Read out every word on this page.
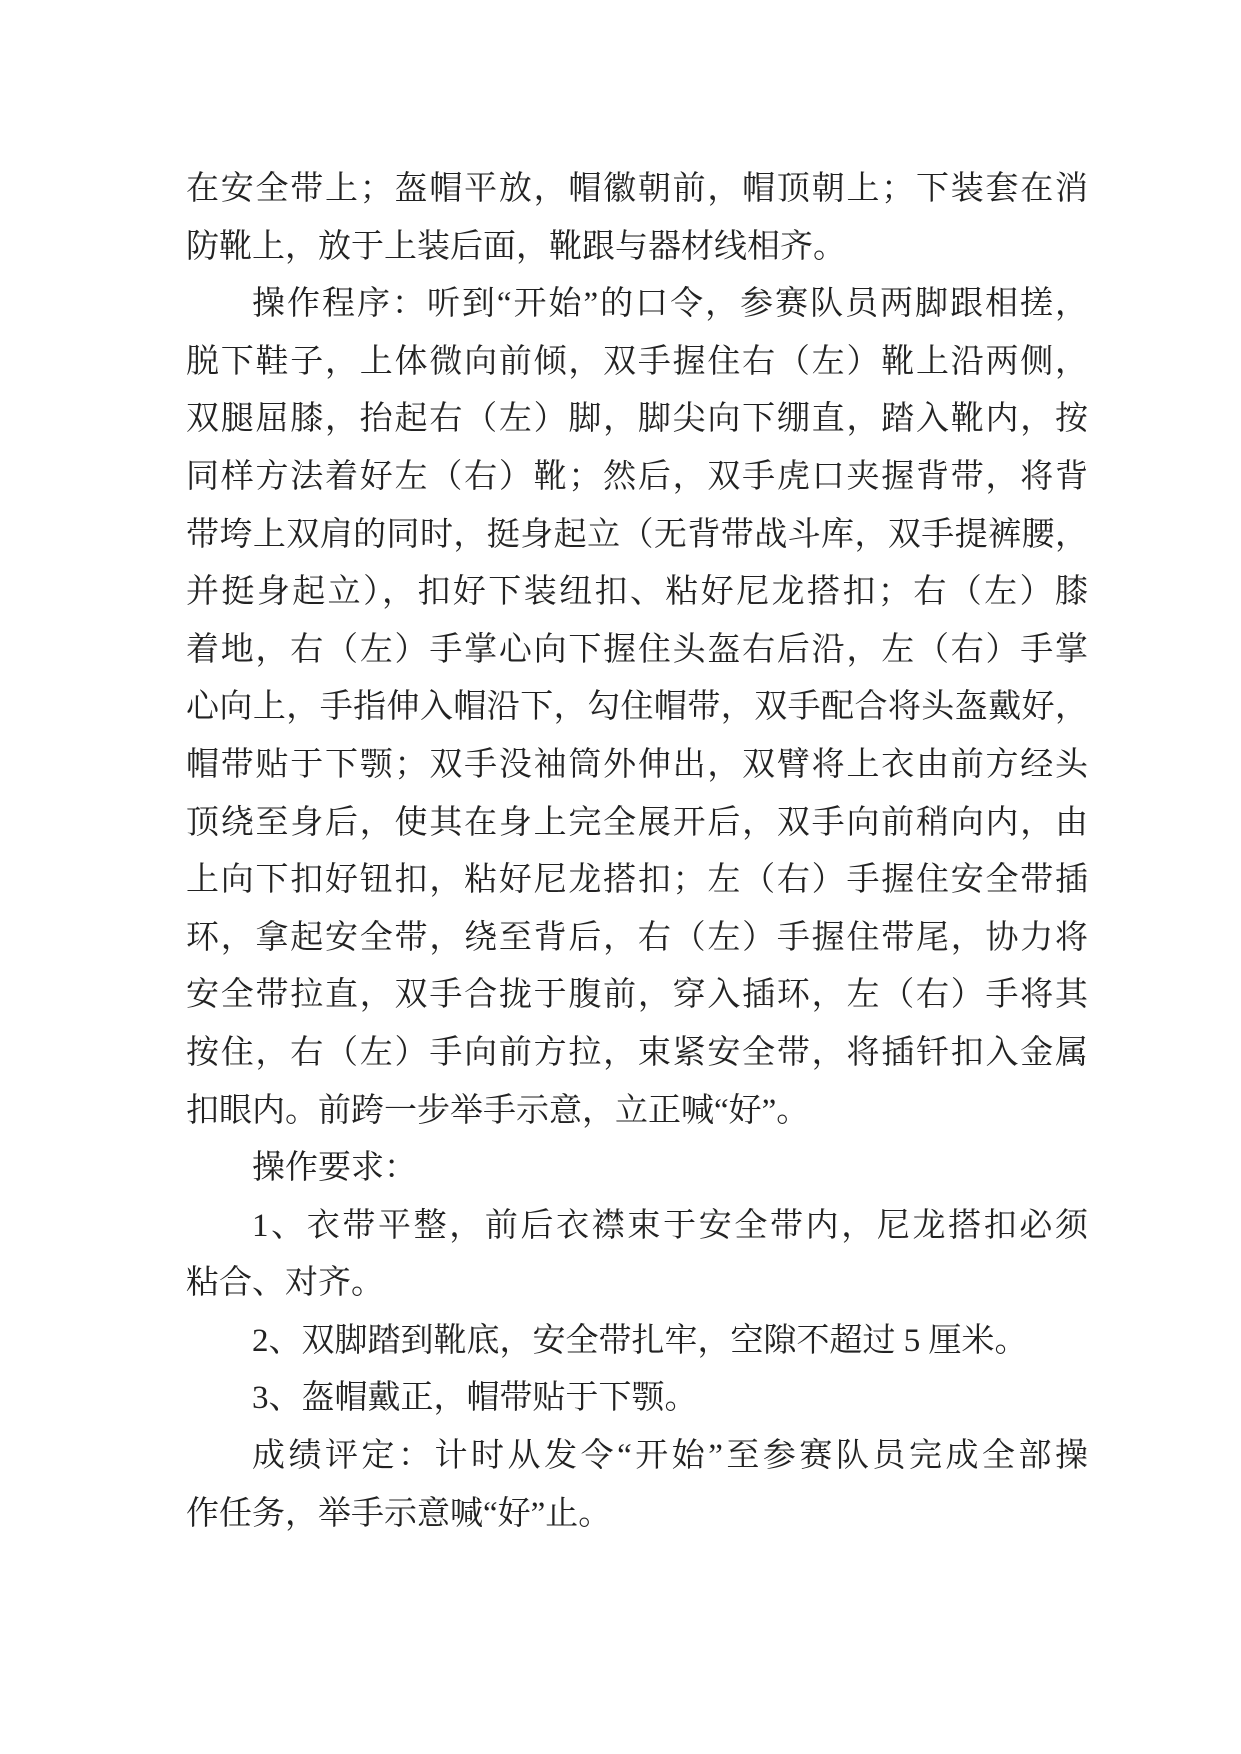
在安全带上；盔帽平放，帽徽朝前，帽顶朝上；下装套在消
防靴上，放于上装后面，靴跟与器材线相齐。
操作程序：听到“开始”的口令，参赛队员两脚跟相搓，
脱下鞋子，上体微向前倾，双手握住右（左）靴上沿两侧，
双腿屈膝，抬起右（左）脚，脚尖向下绷直，踏入靴内，按
同样方法着好左（右）靴；然后，双手虎口夹握背带，将背
带垮上双肩的同时，挺身起立（无背带战斗库，双手提裤腰，
并挺身起立），扣好下装纽扣、粘好尼龙搭扣；右（左）膝
着地，右（左）手掌心向下握住头盔右后沿，左（右）手掌
心向上，手指伸入帽沿下，勾住帽带，双手配合将头盔戴好，
帽带贴于下颚；双手没袖筒外伸出，双臂将上衣由前方经头
顶绕至身后，使其在身上完全展开后，双手向前稍向内，由
上向下扣好钮扣，粘好尼龙搭扣；左（右）手握住安全带插
环，拿起安全带，绕至背后，右（左）手握住带尾，协力将
安全带拉直，双手合拢于腹前，穿入插环，左（右）手将其
按住，右（左）手向前方拉，束紧安全带，将插钎扣入金属
扣眼内。前跨一步举手示意，立正喊“好”。
操作要求：
1、衣带平整，前后衣襟束于安全带内，尼龙搭扣必须
粘合、对齐。
2、双脚踏到靴底，安全带扎牢，空隙不超过 5 厘米。
3、盔帽戴正，帽带贴于下颚。
成绩评定：计时从发令“开始”至参赛队员完成全部操
作任务，举手示意喊“好”止。
